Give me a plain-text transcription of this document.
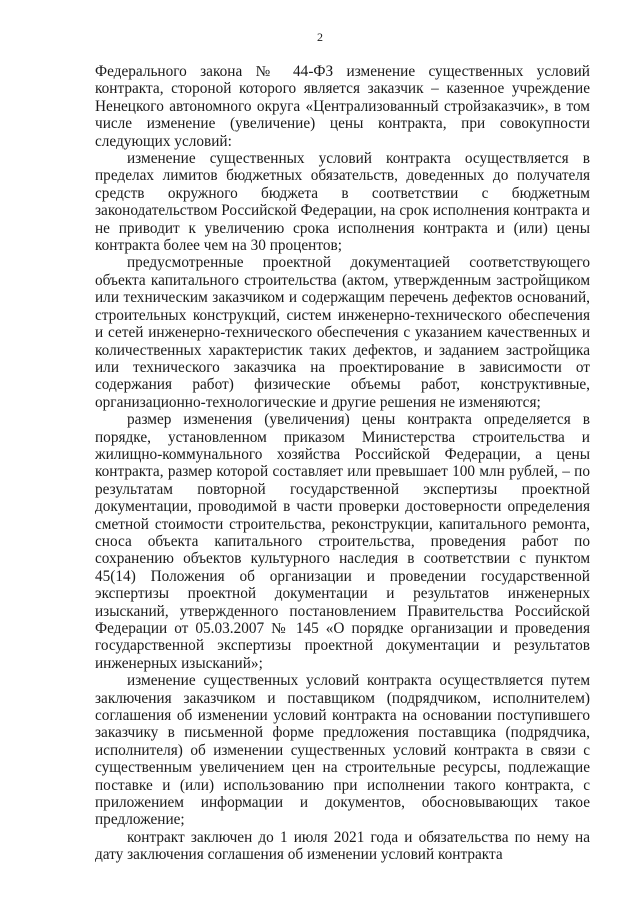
2

Федерального закона № 44-ФЗ изменение существенных условий контракта, стороной которого является заказчик – казенное учреждение Ненецкого автономного округа «Централизованный стройзаказчик», в том числе изменение (увеличение) цены контракта, при совокупности следующих условий:

изменение существенных условий контракта осуществляется в пределах лимитов бюджетных обязательств, доведенных до получателя средств окружного бюджета в соответствии с бюджетным законодательством Российской Федерации, на срок исполнения контракта и не приводит к увеличению срока исполнения контракта и (или) цены контракта более чем на 30 процентов;

предусмотренные проектной документацией соответствующего объекта капитального строительства (актом, утвержденным застройщиком или техническим заказчиком и содержащим перечень дефектов оснований, строительных конструкций, систем инженерно-технического обеспечения и сетей инженерно-технического обеспечения с указанием качественных и количественных характеристик таких дефектов, и заданием застройщика или технического заказчика на проектирование в зависимости от содержания работ) физические объемы работ, конструктивные, организационно-технологические и другие решения не изменяются;

размер изменения (увеличения) цены контракта определяется в порядке, установленном приказом Министерства строительства и жилищно-коммунального хозяйства Российской Федерации, а цены контракта, размер которой составляет или превышает 100 млн рублей, – по результатам повторной государственной экспертизы проектной документации, проводимой в части проверки достоверности определения сметной стоимости строительства, реконструкции, капитального ремонта, сноса объекта капитального строительства, проведения работ по сохранению объектов культурного наследия в соответствии с пунктом 45(14) Положения об организации и проведении государственной экспертизы проектной документации и результатов инженерных изысканий, утвержденного постановлением Правительства Российской Федерации от 05.03.2007 № 145 «О порядке организации и проведения государственной экспертизы проектной документации и результатов инженерных изысканий»;

изменение существенных условий контракта осуществляется путем заключения заказчиком и поставщиком (подрядчиком, исполнителем) соглашения об изменении условий контракта на основании поступившего заказчику в письменной форме предложения поставщика (подрядчика, исполнителя) об изменении существенных условий контракта в связи с существенным увеличением цен на строительные ресурсы, подлежащие поставке и (или) использованию при исполнении такого контракта, с приложением информации и документов, обосновывающих такое предложение;

контракт заключен до 1 июля 2021 года и обязательства по нему на дату заключения соглашения об изменении условий контракта
